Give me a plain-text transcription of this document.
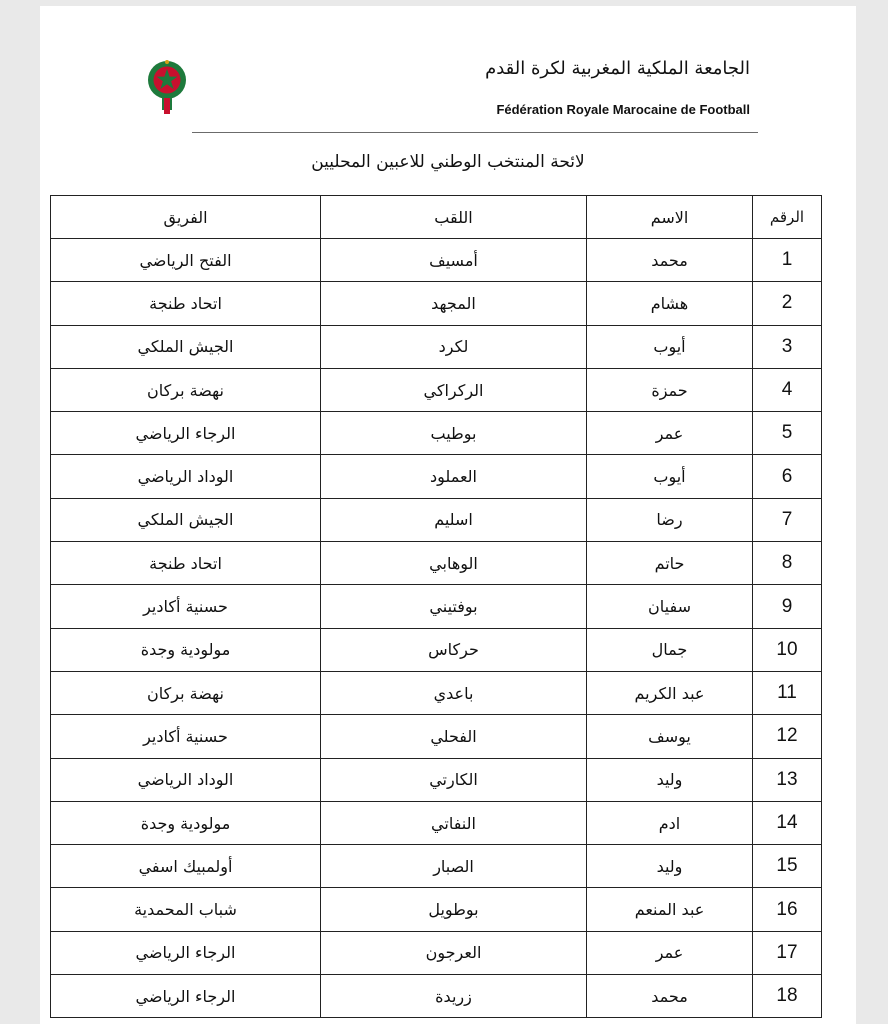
الجامعة الملكية المغربية لكرة القدم
Fédération Royale Marocaine de Football
لائحة المنتخب الوطني للاعبين المحليين
الرقم	الاسم	اللقب	الفريق
1	محمد	أمسيف	الفتح الرياضي
2	هشام	المجهد	اتحاد طنجة
3	أيوب	لكرد	الجيش الملكي
4	حمزة	الركراكي	نهضة بركان
5	عمر	بوطيب	الرجاء الرياضي
6	أيوب	العملود	الوداد الرياضي
7	رضا	اسليم	الجيش الملكي
8	حاتم	الوهابي	اتحاد طنجة
9	سفيان	بوفتيني	حسنية أكادير
10	جمال	حركاس	مولودية وجدة
11	عبد الكريم	باعدي	نهضة بركان
12	يوسف	الفحلي	حسنية أكادير
13	وليد	الكارتي	الوداد الرياضي
14	ادم	النفاتي	مولودية وجدة
15	وليد	الصبار	أولمبيك اسفي
16	عبد المنعم	بوطويل	شباب المحمدية
17	عمر	العرجون	الرجاء الرياضي
18	محمد	زريدة	الرجاء الرياضي
